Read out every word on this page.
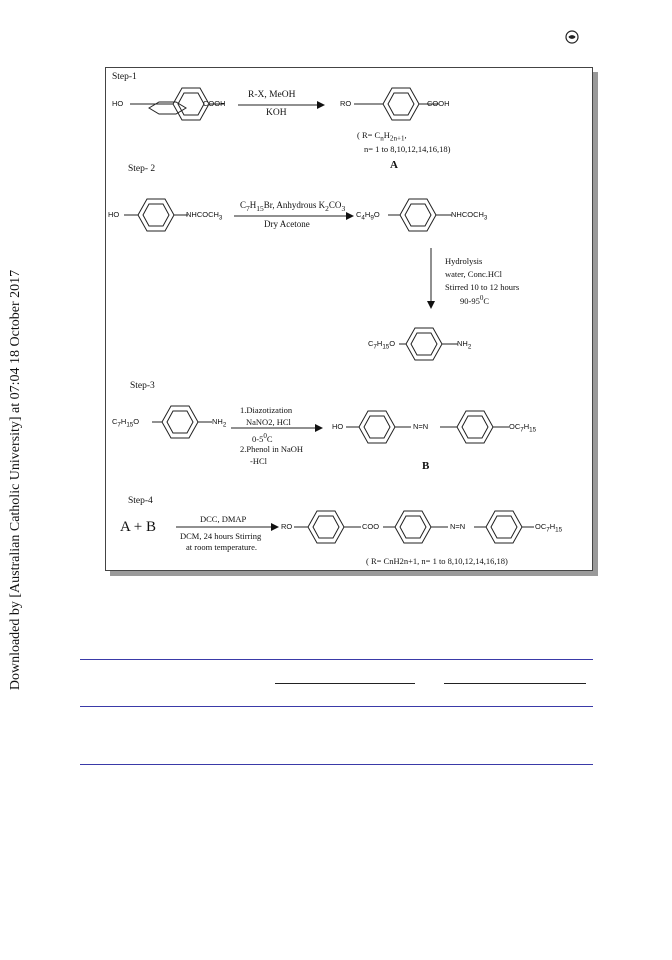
Downloaded by [Australian Catholic University] at 07:04 18 October 2017
Step-1
HO	COOH
R-X, MeOH
KOH
RO	COOH
( $R= C_nH_{2n+1}$,
n= 1 to 8,10,12,14,16,18)
A
Step- 2
HO	$NHCOCH_3$
$C_7H_{15}Br$, Anhydrous $K_2CO_3$
Dry Acetone
$C_4H_9O$	$NHCOCH_3$
Hydrolysis
water, Conc.HCl
Stirred 10 to 12 hours
$90-95^0C$
$C_7H_{15}O$	$NH_2$
Step-3
$C_7H_{15}O$	$NH_2$
1.Diazotization
NaNO2, HCl
$0-5^0C$
2.Phenol in NaOH
-HCl
HO	N=N	$OC_7H_{15}$
B
Step-4
A + B	DCC, DMAP
DCM, 24 hours Stirring
at room temperature.
RO	COO	N=N	$OC_7H_{15}$
( R= CnH2n+1, n= 1 to 8,10,12,14,16,18)
